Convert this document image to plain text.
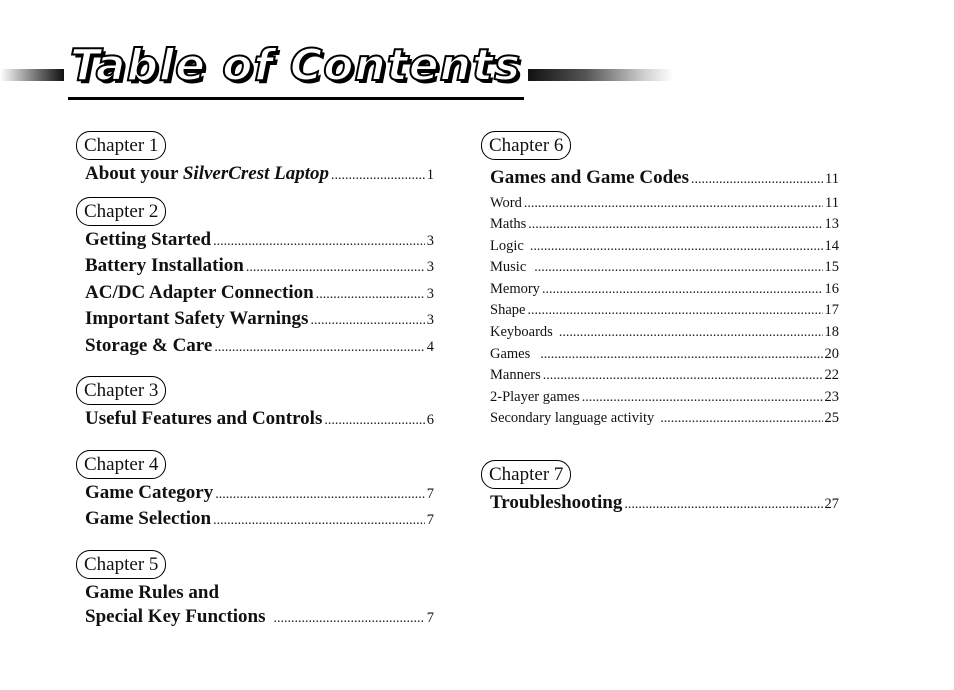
Table of Contents
Chapter 1
About your SilverCrest Laptop .....	1
Chapter 2
Getting Started .....	3
Battery Installation .....	3
AC/DC Adapter Connection .....	3
Important Safety Warnings .....	3
Storage & Care .....	4
Chapter 3
Useful Features and Controls .....	6
Chapter 4
Game Category .....	7
Game Selection .....	7
Chapter 5
Game Rules and
Special Key Functions .....	7
Chapter 6
Games and Game Codes .....	11
Word .....	11
Maths .....	13
Logic .....	14
Music .....	15
Memory .....	16
Shape .....	17
Keyboards .....	18
Games .....	20
Manners .....	22
2-Player games .....	23
Secondary language activity .....	25
Chapter 7
Troubleshooting .....	27
